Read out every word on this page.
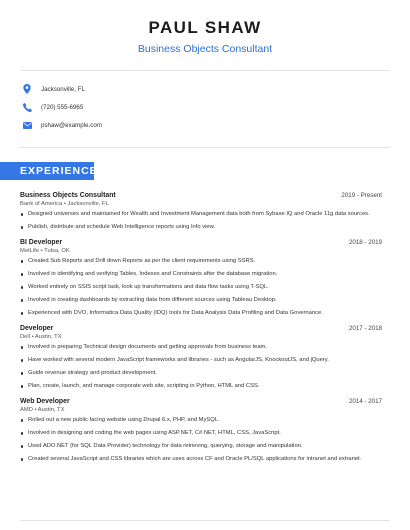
PAUL SHAW
Business Objects Consultant
Jacksonville, FL
(720) 555-6965
pshaw@example.com
EXPERIENCE
Business Objects Consultant	2019 - Present
Bank of America • Jacksonville, FL
Designed universes and maintained for Wealth and Investment Management data both from Sybase IQ and Oracle 11g data sources.
Publish, distribute and schedule Web Intelligence reports using Info view.
BI Developer	2018 - 2019
MetLife • Tulsa, OK
Created Sub Reports and Drill down Reports as per the client requirements using SSRS.
Involved in identifying and verifying Tables, Indexes and Constraints after the database migration.
Worked entirely on SSIS script task, look up transformations and data flow tasks using T-SQL.
Involved in creating dashboards by extracting data from different sources using Tableau Desktop.
Experienced with DVO, Informatica Data Quality (IDQ) tools for Data Analysis Data Profiling and Data Governance.
Developer	2017 - 2018
Dell • Austin, TX
Involved in preparing Technical design documents and getting approvals from business team.
Have worked with several modern JavaScript frameworks and libraries - such as AngularJS, KnockoutJS, and jQuery.
Guide revenue strategy and product development.
Plan, create, launch, and manage corporate web site, scripting in Python, HTML and CSS.
Web Developer	2014 - 2017
AMD • Austin, TX
Rolled out a new public facing website using Drupal 6.x, PHP, and MySQL.
Involved in designing and coding the web pages using ASP.NET, C#.NET, HTML, CSS, JavaScript.
Used ADO.NET (for SQL Data Provider) technology for data retrieving, querying, storage and manipulation.
Created several JavaScript and CSS libraries which are uses across CF and Oracle PL/SQL applications for intranet and extranet.
